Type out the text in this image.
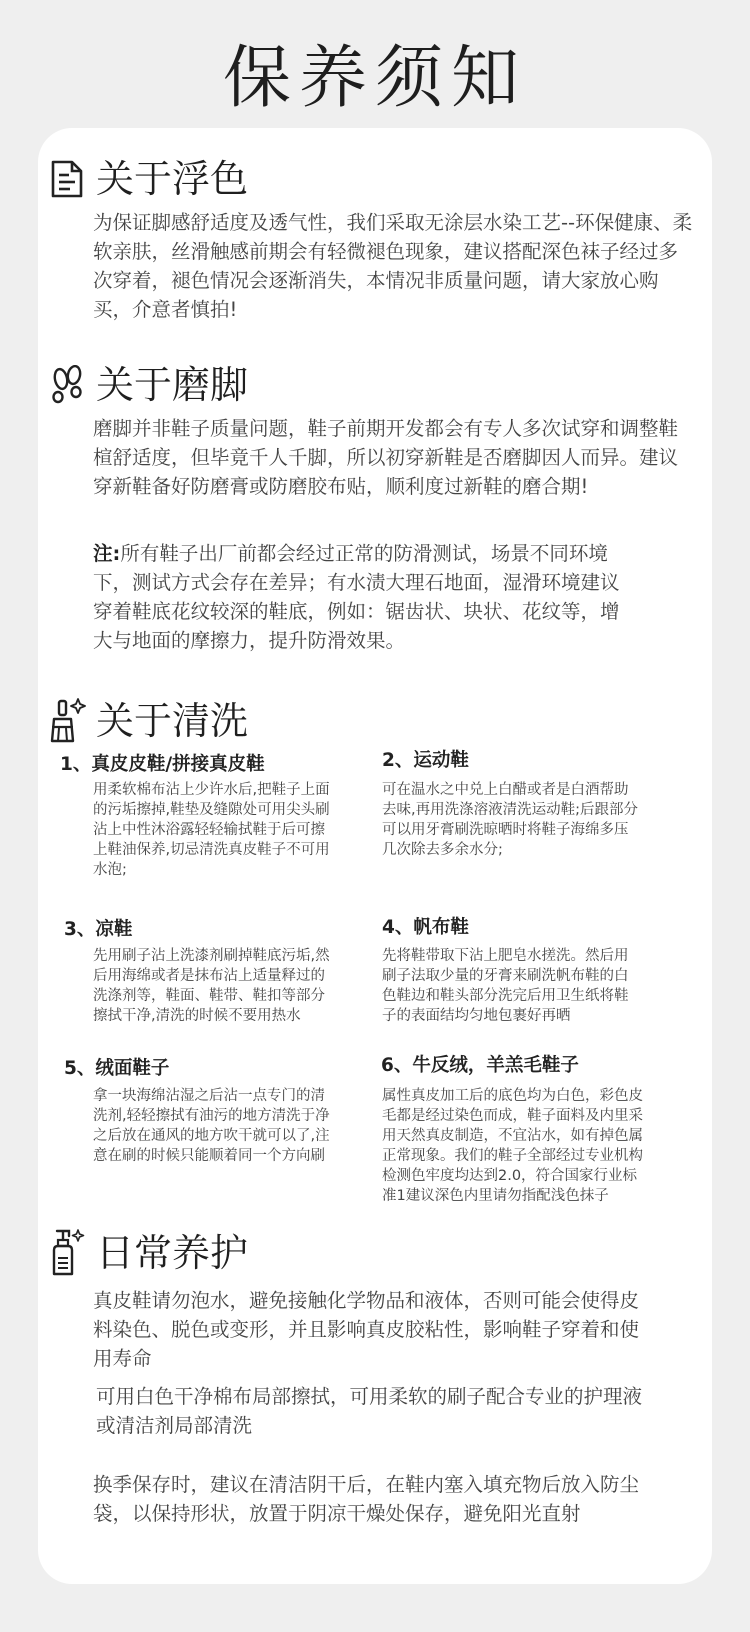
保养须知
关于浮色

为保证脚感舒适度及透气性，我们采取无涂层水染工艺--环保健康、柔软亲肤，丝滑触感前期会有轻微褪色现象，建议搭配深色袜子经过多次穿着，褪色情况会逐渐消失，本情况非质量问题，请大家放心购买，介意者慎拍!

关于磨脚

磨脚并非鞋子质量问题，鞋子前期开发都会有专人多次试穿和调整鞋楦舒适度，但毕竟千人千脚，所以初穿新鞋是否磨脚因人而异。建议穿新鞋备好防磨膏或防磨胶布贴，顺利度过新鞋的磨合期!

注:所有鞋子出厂前都会经过正常的防滑测试，场景不同环境下，测试方式会存在差异；有水渍大理石地面，湿滑环境建议穿着鞋底花纹较深的鞋底，例如：锯齿状、块状、花纹等，增大与地面的摩擦力，提升防滑效果。

关于清洗
1、真皮皮鞋/拼接真皮鞋

用柔软棉布沾上少许水后,把鞋子上面的污垢擦掉,鞋垫及缝隙处可用尖头刷沾上中性沐浴露轻轻输拭鞋于后可擦上鞋油保养,切忌清洗真皮鞋子不可用水泡;

2、运动鞋

可在温水之中兑上白醋或者是白酒帮助去味,再用洗涤溶液清洗运动鞋;后跟部分可以用牙膏刷洗晾晒时将鞋子海绵多压几次除去多余水分;

3、凉鞋

先用刷子沾上洗漆剂刷掉鞋底污垢,然后用海绵或者是抹布沾上适量释过的洗涤剂等，鞋面、鞋带、鞋扣等部分擦拭干净,清洗的时候不要用热水

4、帆布鞋

先将鞋带取下沾上肥皂水搓洗。然后用刷子法取少量的牙膏来刷洗帆布鞋的白色鞋边和鞋头部分洗完后用卫生纸将鞋子的表面结均匀地包裹好再晒

5、绒面鞋子

拿一块海绵沾湿之后沾一点专门的清洗剂,轻轻擦拭有油污的地方清洗于净之后放在通风的地方吹干就可以了,注意在刷的时候只能顺着同一个方向刷

6、牛反绒，羊羔毛鞋子

属性真皮加工后的底色均为白色，彩色皮毛都是经过染色而成，鞋子面料及内里采用天然真皮制造，不宜沾水，如有掉色属正常现象。我们的鞋子全部经过专业机构检测色牢度均达到2.0，符合国家行业标准1建议深色内里请勿指配浅色抹子

日常养护

真皮鞋请勿泡水，避免接触化学物品和液体，否则可能会使得皮料染色、脱色或变形，并且影响真皮胶粘性，影响鞋子穿着和使用寿命

可用白色干净棉布局部擦拭，可用柔软的刷子配合专业的护理液或清洁剂局部清洗

换季保存时，建议在清洁阴干后，在鞋内塞入填充物后放入防尘袋，以保持形状，放置于阴凉干燥处保存，避免阳光直射
